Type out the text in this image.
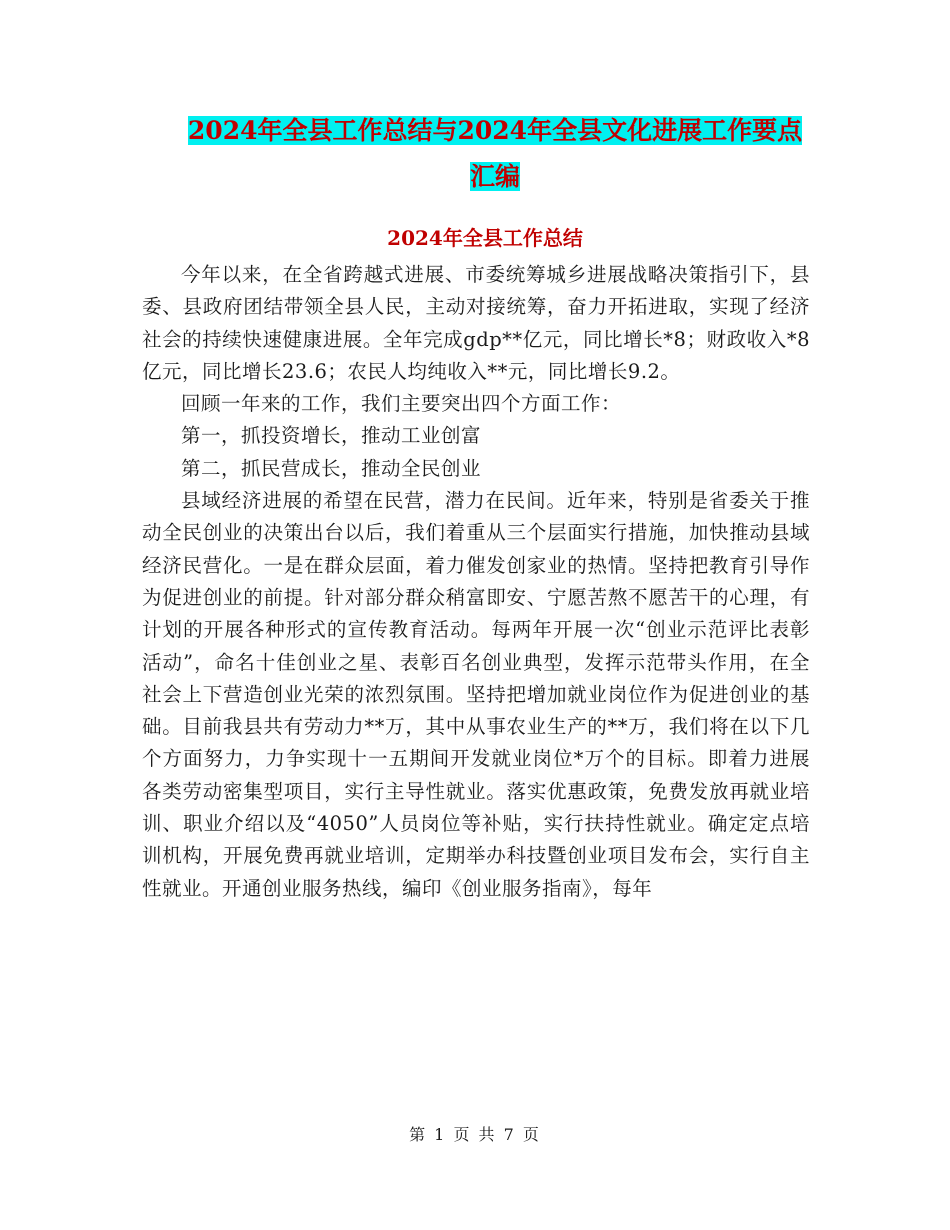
2024年全县工作总结与2024年全县文化进展工作要点
汇编
2024年全县工作总结

今年以来，在全省跨越式进展、市委统筹城乡进展战略决策指引下，县委、县政府团结带领全县人民，主动对接统筹，奋力开拓进取，实现了经济社会的持续快速健康进展。全年完成gdp**亿元，同比增长*8；财政收入*8亿元，同比增长23.6；农民人均纯收入**元，同比增长9.2。

回顾一年来的工作，我们主要突出四个方面工作：

第一，抓投资增长，推动工业创富

第二，抓民营成长，推动全民创业

县域经济进展的希望在民营，潜力在民间。近年来，特别是省委关于推动全民创业的决策出台以后，我们着重从三个层面实行措施，加快推动县域经济民营化。一是在群众层面，着力催发创家业的热情。坚持把教育引导作为促进创业的前提。针对部分群众稍富即安、宁愿苦熬不愿苦干的心理，有计划的开展各种形式的宣传教育活动。每两年开展一次“创业示范评比表彰活动”，命名十佳创业之星、表彰百名创业典型，发挥示范带头作用，在全社会上下营造创业光荣的浓烈氛围。坚持把增加就业岗位作为促进创业的基础。目前我县共有劳动力**万，其中从事农业生产的**万，我们将在以下几个方面努力，力争实现十一五期间开发就业岗位*万个的目标。即着力进展各类劳动密集型项目，实行主导性就业。落实优惠政策，免费发放再就业培训、职业介绍以及“4050”人员岗位等补贴，实行扶持性就业。确定定点培训机构，开展免费再就业培训，定期举办科技暨创业项目发布会，实行自主性就业。开通创业服务热线，编印《创业服务指南》，每年

第 1 页 共 7 页
